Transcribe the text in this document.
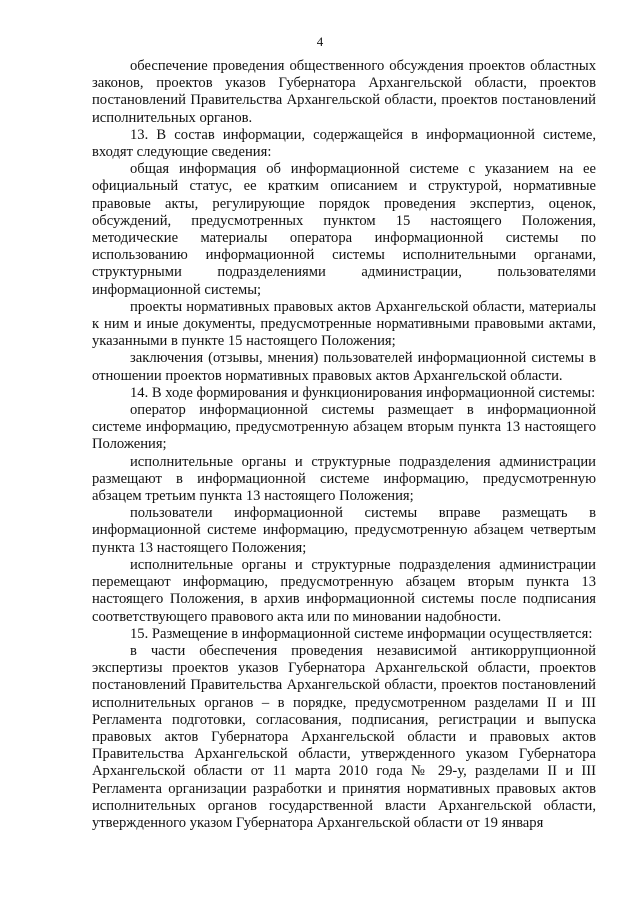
4

обеспечение проведения общественного обсуждения проектов областных законов, проектов указов Губернатора Архангельской области, проектов постановлений Правительства Архангельской области, проектов постановлений исполнительных органов.

13. В состав информации, содержащейся в информационной системе, входят следующие сведения:

общая информация об информационной системе с указанием на ее официальный статус, ее кратким описанием и структурой, нормативные правовые акты, регулирующие порядок проведения экспертиз, оценок, обсуждений, предусмотренных пунктом 15 настоящего Положения, методические материалы оператора информационной системы по использованию информационной системы исполнительными органами, структурными подразделениями администрации, пользователями информационной системы;

проекты нормативных правовых актов Архангельской области, материалы к ним и иные документы, предусмотренные нормативными правовыми актами, указанными в пункте 15 настоящего Положения;

заключения (отзывы, мнения) пользователей информационной системы в отношении проектов нормативных правовых актов Архангельской области.

14. В ходе формирования и функционирования информационной системы:

оператор информационной системы размещает в информационной системе информацию, предусмотренную абзацем вторым пункта 13 настоящего Положения;

исполнительные органы и структурные подразделения администрации размещают в информационной системе информацию, предусмотренную абзацем третьим пункта 13 настоящего Положения;

пользователи информационной системы вправе размещать в информационной системе информацию, предусмотренную абзацем четвертым пункта 13 настоящего Положения;

исполнительные органы и структурные подразделения администрации перемещают информацию, предусмотренную абзацем вторым пункта 13 настоящего Положения, в архив информационной системы после подписания соответствующего правового акта или по миновании надобности.

15. Размещение в информационной системе информации осуществляется:

в части обеспечения проведения независимой антикоррупционной экспертизы проектов указов Губернатора Архангельской области, проектов постановлений Правительства Архангельской области, проектов постановлений исполнительных органов – в порядке, предусмотренном разделами II и III Регламента подготовки, согласования, подписания, регистрации и выпуска правовых актов Губернатора Архангельской области и правовых актов Правительства Архангельской области, утвержденного указом Губернатора Архангельской области от 11 марта 2010 года № 29-у, разделами II и III Регламента организации разработки и принятия нормативных правовых актов исполнительных органов государственной власти Архангельской области, утвержденного указом Губернатора Архангельской области от 19 января
